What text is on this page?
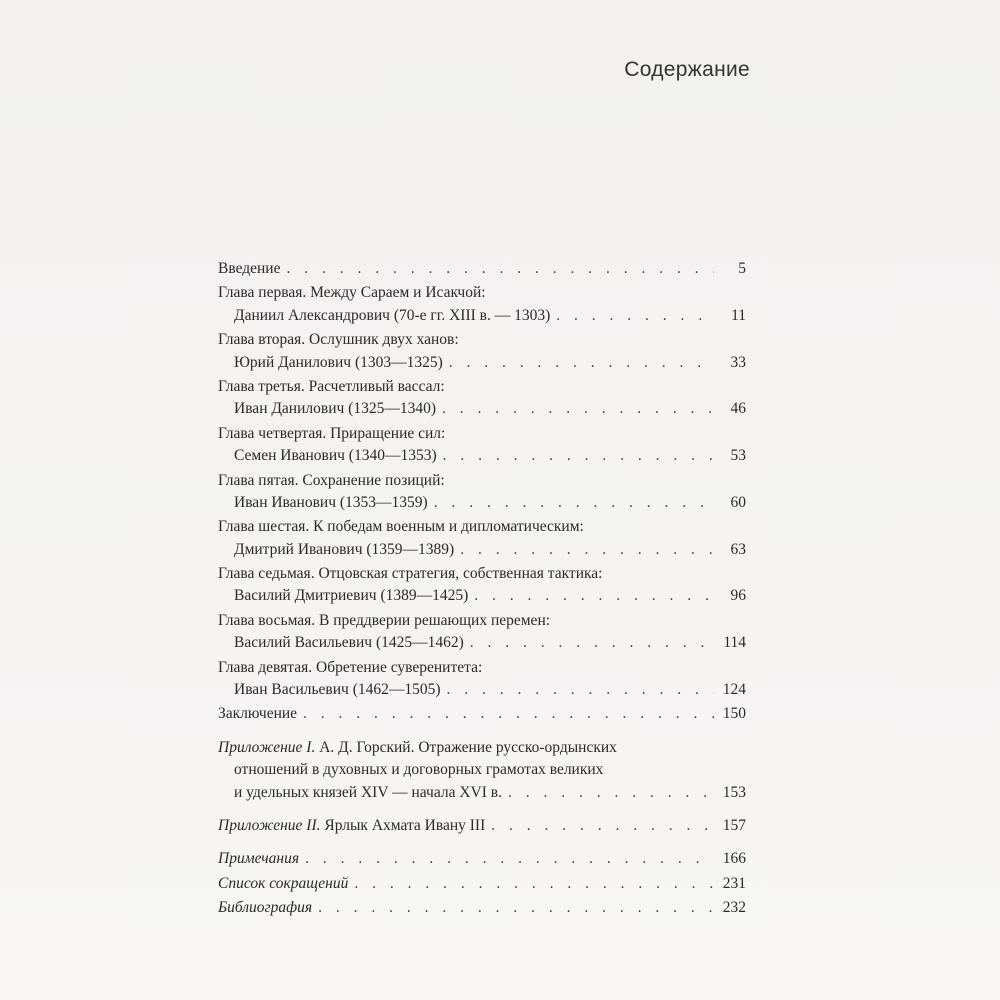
Содержание
Введение . . .	5
Глава первая. Между Сараем и Исакчой:
Даниил Александрович (70-е гг. XIII в. — 1303) . . .	11
Глава вторая. Ослушник двух ханов:
Юрий Данилович (1303—1325) . . .	33
Глава третья. Расчетливый вассал:
Иван Данилович (1325—1340) . . .	46
Глава четвертая. Приращение сил:
Семен Иванович (1340—1353) . . .	53
Глава пятая. Сохранение позиций:
Иван Иванович (1353—1359) . . .	60
Глава шестая. К победам военным и дипломатическим:
Дмитрий Иванович (1359—1389) . . .	63
Глава седьмая. Отцовская стратегия, собственная тактика:
Василий Дмитриевич (1389—1425) . . .	96
Глава восьмая. В преддверии решающих перемен:
Василий Васильевич (1425—1462) . . .	114
Глава девятая. Обретение суверенитета:
Иван Васильевич (1462—1505) . . .	124
Заключение . . .	150
Приложение I. А. Д. Горский. Отражение русско-ордынских
отношений в духовных и договорных грамотах великих
и удельных князей XIV — начала XVI в. . . .	153
Приложение II. Ярлык Ахмата Ивану III . . .	157
Примечания . . .	166
Список сокращений . . .	231
Библиография . . .	232
